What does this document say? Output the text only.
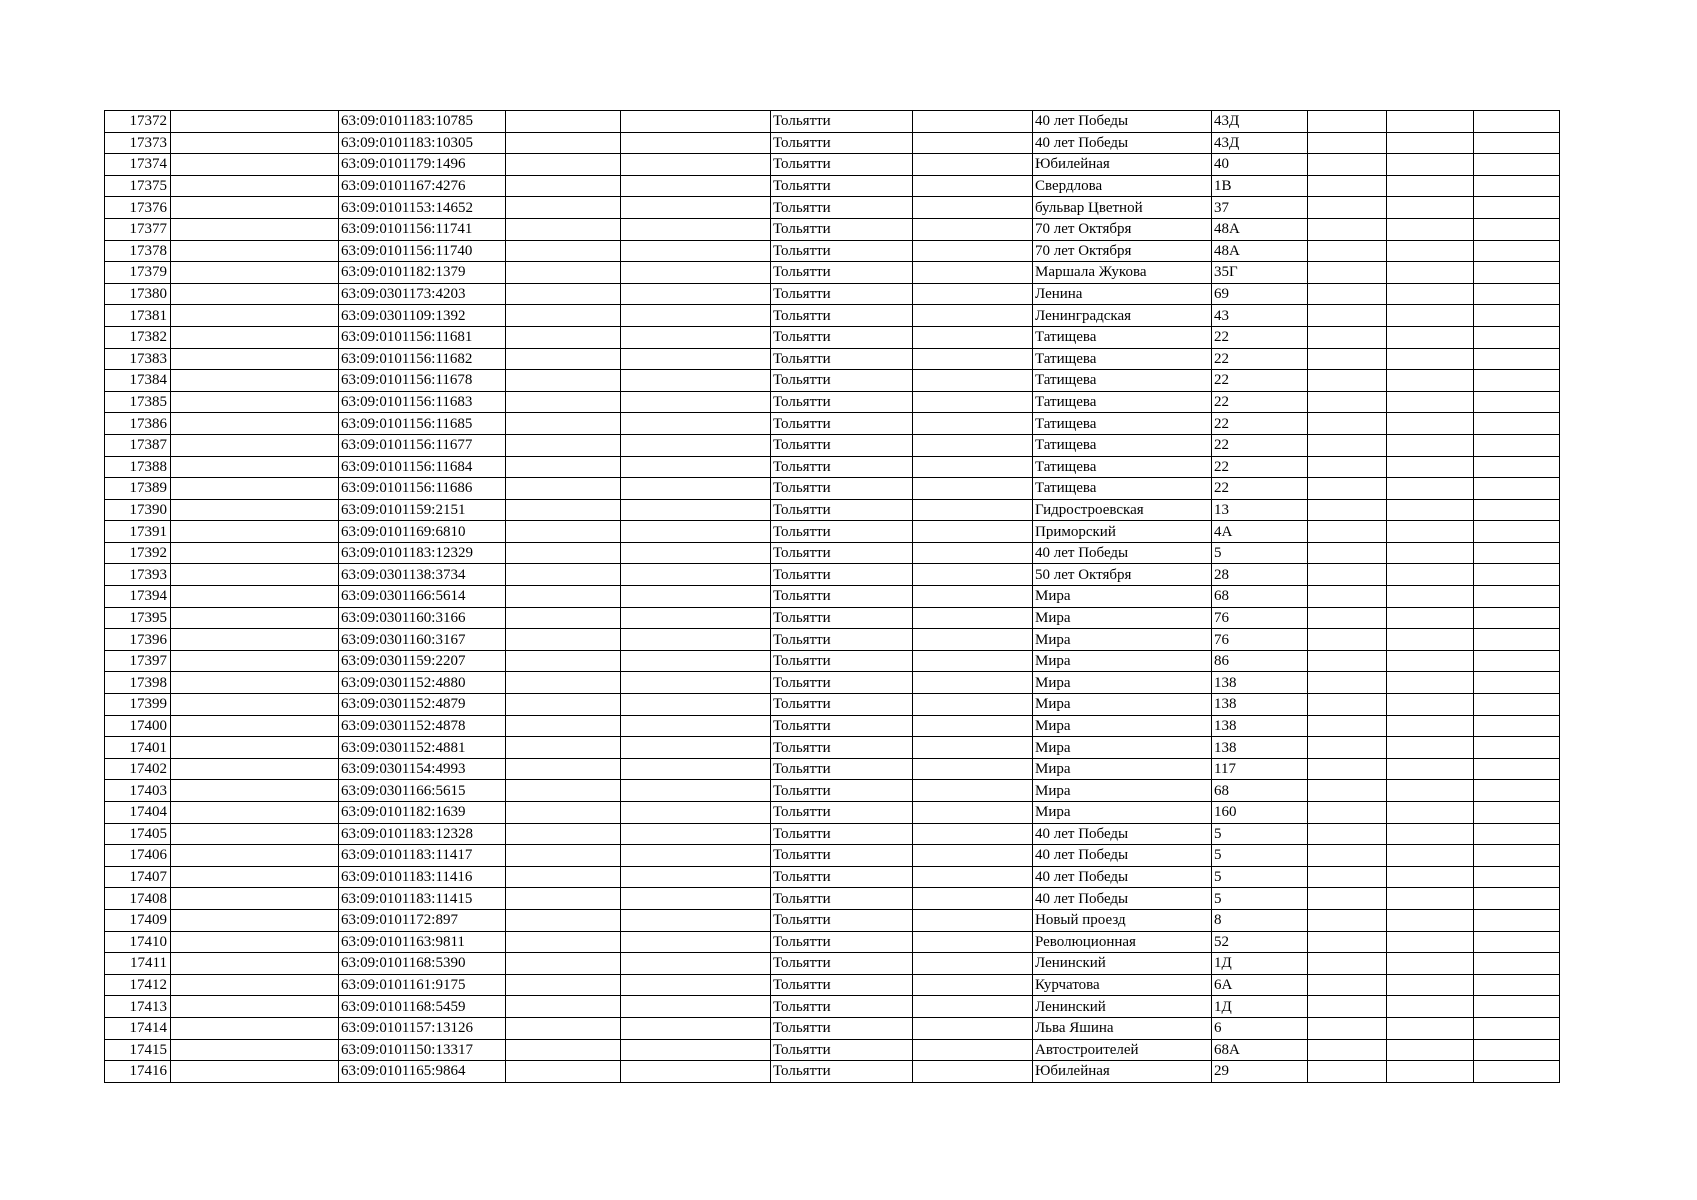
17372		63:09:0101183:10785			Тольятти		40 лет Победы	43Д			
17373		63:09:0101183:10305			Тольятти		40 лет Победы	43Д			
17374		63:09:0101179:1496			Тольятти		Юбилейная	40			
17375		63:09:0101167:4276			Тольятти		Свердлова	1В			
17376		63:09:0101153:14652			Тольятти		бульвар Цветной	37			
17377		63:09:0101156:11741			Тольятти		70 лет Октября	48А			
17378		63:09:0101156:11740			Тольятти		70 лет Октября	48А			
17379		63:09:0101182:1379			Тольятти		Маршала Жукова	35Г			
17380		63:09:0301173:4203			Тольятти		Ленина	69			
17381		63:09:0301109:1392			Тольятти		Ленинградская	43			
17382		63:09:0101156:11681			Тольятти		Татищева	22			
17383		63:09:0101156:11682			Тольятти		Татищева	22			
17384		63:09:0101156:11678			Тольятти		Татищева	22			
17385		63:09:0101156:11683			Тольятти		Татищева	22			
17386		63:09:0101156:11685			Тольятти		Татищева	22			
17387		63:09:0101156:11677			Тольятти		Татищева	22			
17388		63:09:0101156:11684			Тольятти		Татищева	22			
17389		63:09:0101156:11686			Тольятти		Татищева	22			
17390		63:09:0101159:2151			Тольятти		Гидростроевская	13			
17391		63:09:0101169:6810			Тольятти		Приморский	4А			
17392		63:09:0101183:12329			Тольятти		40 лет Победы	5			
17393		63:09:0301138:3734			Тольятти		50 лет Октября	28			
17394		63:09:0301166:5614			Тольятти		Мира	68			
17395		63:09:0301160:3166			Тольятти		Мира	76			
17396		63:09:0301160:3167			Тольятти		Мира	76			
17397		63:09:0301159:2207			Тольятти		Мира	86			
17398		63:09:0301152:4880			Тольятти		Мира	138			
17399		63:09:0301152:4879			Тольятти		Мира	138			
17400		63:09:0301152:4878			Тольятти		Мира	138			
17401		63:09:0301152:4881			Тольятти		Мира	138			
17402		63:09:0301154:4993			Тольятти		Мира	117			
17403		63:09:0301166:5615			Тольятти		Мира	68			
17404		63:09:0101182:1639			Тольятти		Мира	160			
17405		63:09:0101183:12328			Тольятти		40 лет Победы	5			
17406		63:09:0101183:11417			Тольятти		40 лет Победы	5			
17407		63:09:0101183:11416			Тольятти		40 лет Победы	5			
17408		63:09:0101183:11415			Тольятти		40 лет Победы	5			
17409		63:09:0101172:897			Тольятти		Новый проезд	8			
17410		63:09:0101163:9811			Тольятти		Революционная	52			
17411		63:09:0101168:5390			Тольятти		Ленинский	1Д			
17412		63:09:0101161:9175			Тольятти		Курчатова	6А			
17413		63:09:0101168:5459			Тольятти		Ленинский	1Д			
17414		63:09:0101157:13126			Тольятти		Льва Яшина	6			
17415		63:09:0101150:13317			Тольятти		Автостроителей	68А			
17416		63:09:0101165:9864			Тольятти		Юбилейная	29			
